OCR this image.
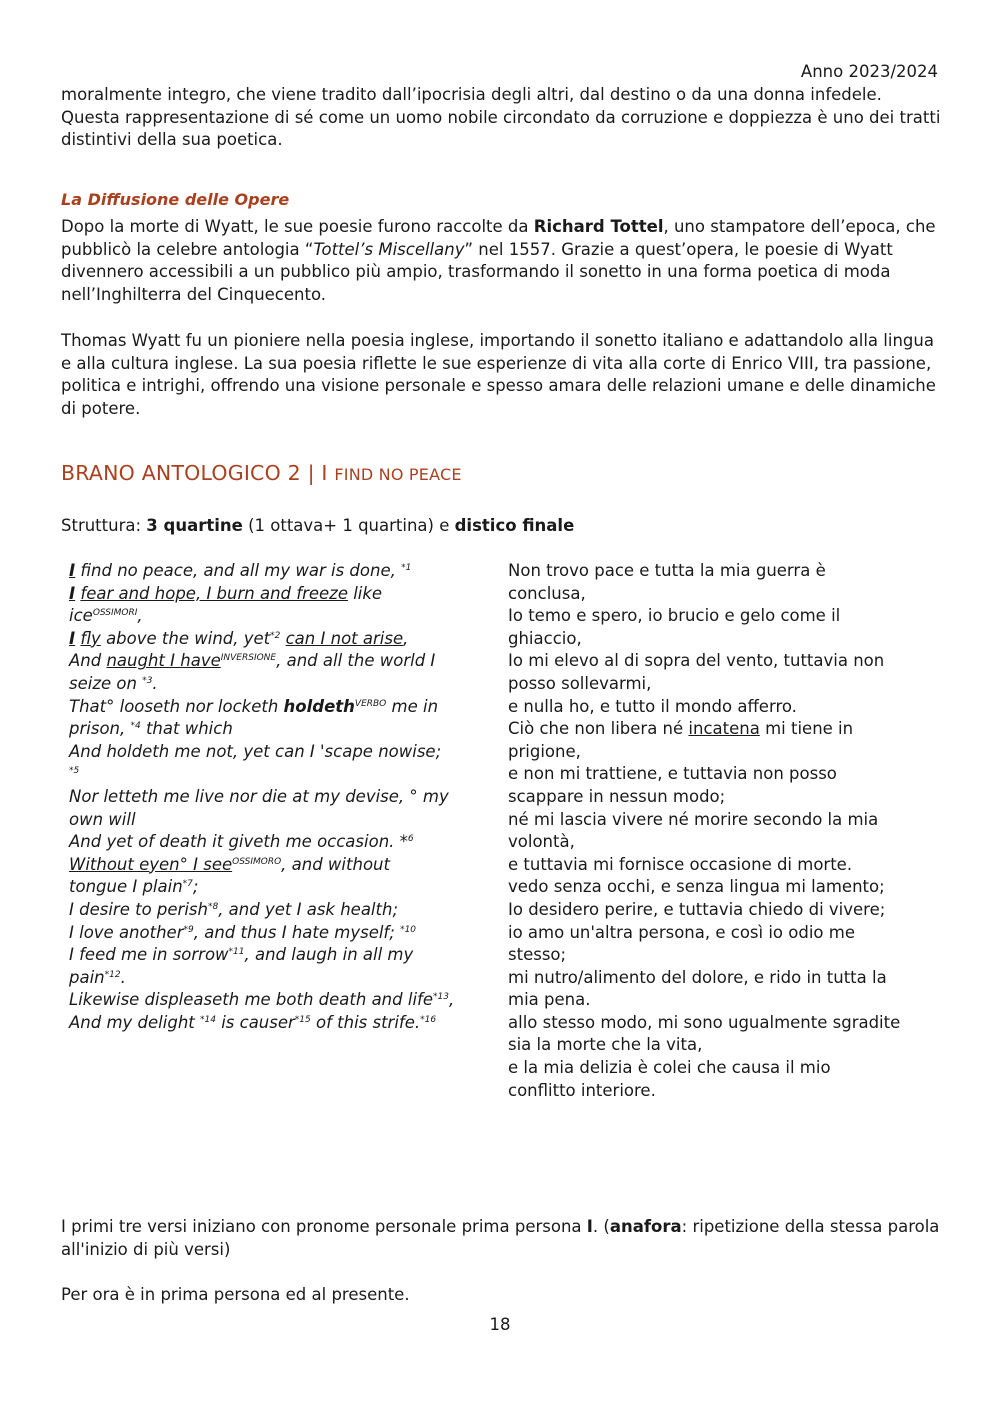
Anno 2023/2024

moralmente integro, che viene tradito dall’ipocrisia degli altri, dal destino o da una donna infedele. Questa rappresentazione di sé come un uomo nobile circondato da corruzione e doppiezza è uno dei tratti distintivi della sua poetica.

La Diffusione delle Opere

Dopo la morte di Wyatt, le sue poesie furono raccolte da Richard Tottel, uno stampatore dell’epoca, che pubblicò la celebre antologia “Tottel’s Miscellany” nel 1557. Grazie a quest’opera, le poesie di Wyatt divennero accessibili a un pubblico più ampio, trasformando il sonetto in una forma poetica di moda nell’Inghilterra del Cinquecento.

Thomas Wyatt fu un pioniere nella poesia inglese, importando il sonetto italiano e adattandolo alla lingua e alla cultura inglese. La sua poesia riflette le sue esperienze di vita alla corte di Enrico VIII, tra passione, politica e intrighi, offrendo una visione personale e spesso amara delle relazioni umane e delle dinamiche di potere.

BRANO ANTOLOGICO 2 | I FIND NO PEACE

Struttura: 3 quartine (1 ottava+ 1 quartina) e distico finale

I find no peace, and all my war is done, $^{*1}$
I fear and hope, I burn and freeze like
ice$^{OSSIMORI}$,
I fly above the wind, yet$^{*2}$ can I not arise,
And naught I have$^{INVERSIONE}$, and all the world I
seize on $^{*3}$.
That° looseth nor locketh holdeth$^{VERBO}$ me in
prison, $^{*4}$ that which
And holdeth me not, yet can I 'scape nowise;
$^{*5}$
Nor letteth me live nor die at my devise, ° my
own will
And yet of death it giveth me occasion. *$^6$
Without eyen° I see$^{OSSIMORO}$, and without
tongue I plain$^{*7}$;
I desire to perish$^{*8}$, and yet I ask health;
I love another$^{*9}$, and thus I hate myself; $^{*10}$
I feed me in sorrow$^{*11}$, and laugh in all my
pain$^{*12}$.
Likewise displeaseth me both death and life$^{*13}$,
And my delight $^{*14}$ is causer$^{*15}$ of this strife.$^{*16}$
Non trovo pace e tutta la mia guerra è
conclusa,
Io temo e spero, io brucio e gelo come il
ghiaccio,
Io mi elevo al di sopra del vento, tuttavia non
posso sollevarmi,
e nulla ho, e tutto il mondo afferro.
Ciò che non libera né incatena mi tiene in
prigione,
e non mi trattiene, e tuttavia non posso
scappare in nessun modo;
né mi lascia vivere né morire secondo la mia
volontà,
e tuttavia mi fornisce occasione di morte.
vedo senza occhi, e senza lingua mi lamento;
Io desidero perire, e tuttavia chiedo di vivere;
io amo un'altra persona, e così io odio me
stesso;
mi nutro/alimento del dolore, e rido in tutta la
mia pena.
allo stesso modo, mi sono ugualmente sgradite
sia la morte che la vita,
e la mia delizia è colei che causa il mio
conflitto interiore.

I primi tre versi iniziano con pronome personale prima persona I. (anafora: ripetizione della stessa parola all'inizio di più versi)

Per ora è in prima persona ed al presente.

18
